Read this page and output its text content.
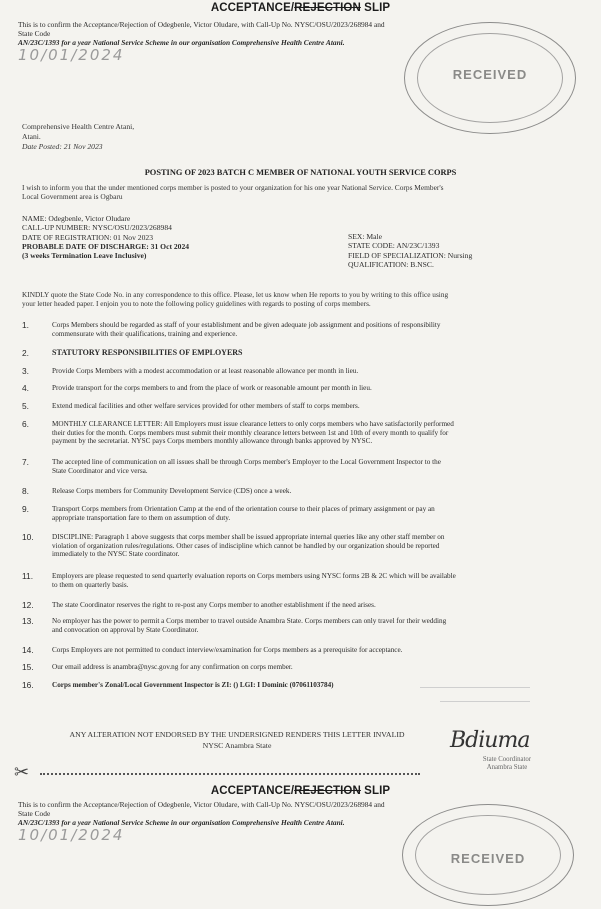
ACCEPTANCE/REJECTION SLIP
This is to confirm the Acceptance/Rejection of Odegbenle, Victor Oludare, with Call-Up No. NYSC/OSU/2023/268984 and State Code
AN/23C/1393 for a year National Service Scheme in our organisation Comprehensive Health Centre Atani.
10/01/2024
RECEIVED
Comprehensive Health Centre Atani,
Atani.
Date Posted: 21 Nov 2023
POSTING OF 2023 BATCH C MEMBER OF NATIONAL YOUTH SERVICE CORPS
I wish to inform you that the under mentioned corps member is posted to your organization for his one year National Service. Corps Member's
Local Government area is Ogbaru
NAME: Odegbenle, Victor Oludare
CALL-UP NUMBER: NYSC/OSU/2023/268984
DATE OF REGISTRATION: 01 Nov 2023
PROBABLE DATE OF DISCHARGE: 31 Oct 2024
(3 weeks Termination Leave Inclusive)
SEX: Male
STATE CODE: AN/23C/1393
FIELD OF SPECIALIZATION: Nursing
QUALIFICATION: B.NSC.
KINDLY quote the State Code No. in any correspondence to this office. Please, let us know when He reports to you by writing to this office using
your letter headed paper. I enjoin you to note the following policy guidelines with regards to posting of corps members.
1.	Corps Members should be regarded as staff of your establishment and be given adequate job assignment and positions of responsibility
commensurate with their qualifications, training and experience.
2.	STATUTORY RESPONSIBILITIES OF EMPLOYERS
3.	Provide Corps Members with a modest accommodation or at least reasonable allowance per month in lieu.
4.	Provide transport for the corps members to and from the place of work or reasonable amount per month in lieu.
5.	Extend medical facilities and other welfare services provided for other members of staff to corps members.
6.	MONTHLY CLEARANCE LETTER: All Employers must issue clearance letters to only corps members who have satisfactorily performed
their duties for the month. Corps members must submit their monthly clearance letters between 1st and 10th of every month to qualify for
payment by the secretariat. NYSC pays Corps members monthly allowance through banks approved by NYSC.
7.	The accepted line of communication on all issues shall be through Corps member's Employer to the Local Government Inspector to the
State Coordinator and vice versa.
8.	Release Corps members for Community Development Service (CDS) once a week.
9.	Transport Corps members from Orientation Camp at the end of the orientation course to their places of primary assignment or pay an
appropriate transportation fare to them on assumption of duty.
10.	DISCIPLINE: Paragraph 1 above suggests that corps member shall be issued appropriate internal queries like any other staff member on
violation of organization rules/regulations. Other cases of indiscipline which cannot be handled by our organization should be reported
immediately to the NYSC State coordinator.
11.	Employers are please requested to send quarterly evaluation reports on Corps members using NYSC forms 2B & 2C which will be available
to them on quarterly basis.
12.	The state Coordinator reserves the right to re-post any Corps member to another establishment if the need arises.
13.	No employer has the power to permit a Corps member to travel outside Anambra State. Corps members can only travel for their wedding
and convocation on approval by State Coordinator.
14.	Corps Employers are not permitted to conduct interview/examination for Corps members as a prerequisite for acceptance.
15.	Our email address is anambra@nysc.gov.ng for any confirmation on corps member.
16.	Corps member's Zonal/Local Government Inspector is ZI: () LGI: I Dominic (07061103784)
ANY ALTERATION NOT ENDORSED BY THE UNDERSIGNED RENDERS THIS LETTER INVALID
NYSC Anambra State	Bdiuma
State Coordinator
Anambra State
✂
ACCEPTANCE/REJECTION SLIP
This is to confirm the Acceptance/Rejection of Odegbenle, Victor Oludare, with Call-Up No. NYSC/OSU/2023/268984 and State Code
AN/23C/1393 for a year National Service Scheme in our organisation Comprehensive Health Centre Atani.
10/01/2024
RECEIVED
